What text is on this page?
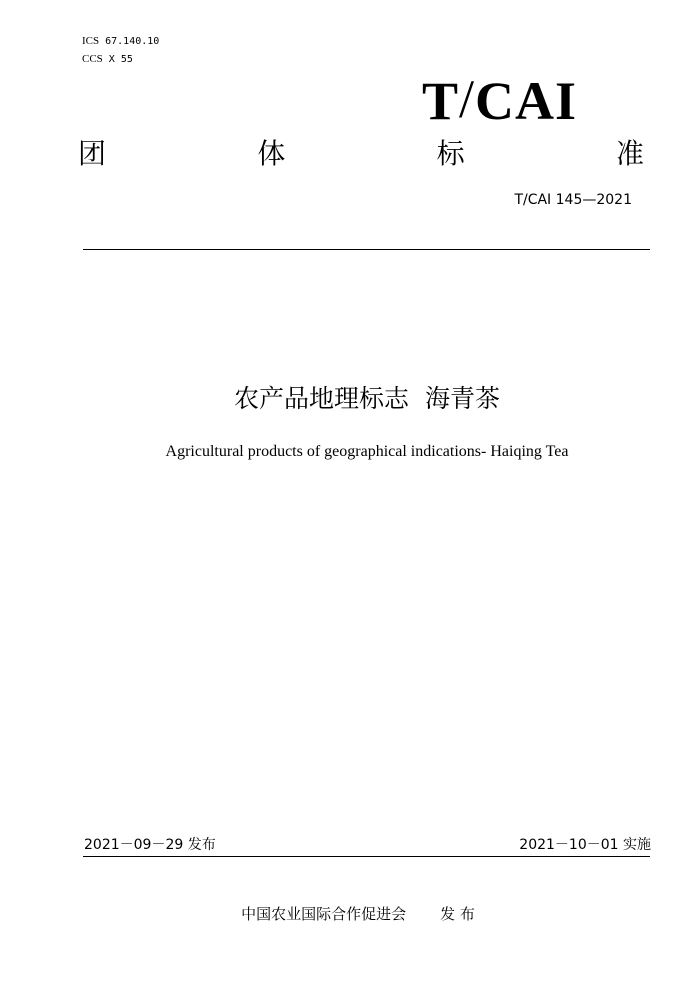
ICS 67.140.10
CCS X 55
T/CAI
团	体	标	准
T/CAI 145—2021
农产品地理标志  海青茶
Agricultural products of geographical indications- Haiqing Tea
2021－09－29 发布	2021－10－01 实施
中国农业国际合作促进会 发 布
